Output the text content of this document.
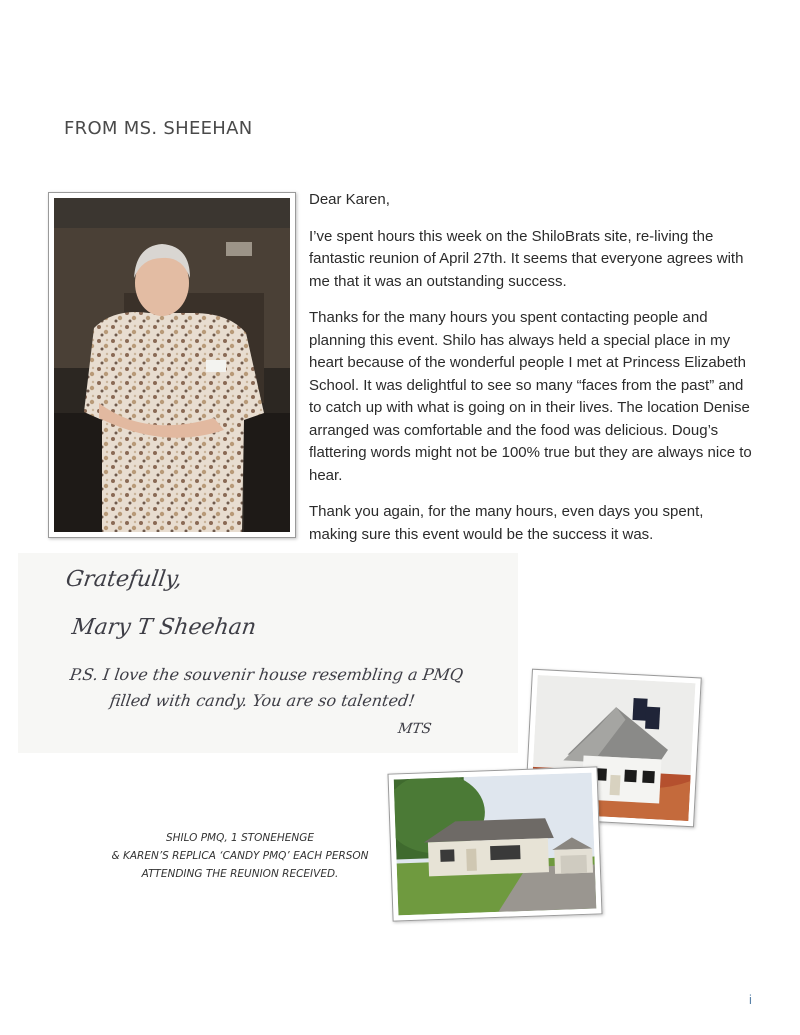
FROM MS. SHEEHAN

Dear Karen,

I’ve spent hours this week on the ShiloBrats site, re-living the fantastic reunion of April 27th. It seems that everyone agrees with me that it was an outstanding success.

Thanks for the many hours you spent contacting people and planning this event. Shilo has always held a special place in my heart because of the wonderful people I met at Princess Elizabeth School. It was delightful to see so many “faces from the past” and to catch up with what is going on in their lives. The location Denise arranged was comfortable and the food was delicious. Doug’s flattering words might not be 100% true but they are always nice to hear.

Thank you again, for the many hours, even days you spent, making sure this event would be the success it was.

Gratefully,
Mary T Sheehan
P.S. I love the souvenir house resembling a PMQ
filled with candy. You are so talented!
MTS
SHILO PMQ, 1 STONEHENGE
& KAREN’S REPLICA ‘CANDY PMQ’ EACH PERSON
ATTENDING THE REUNION RECEIVED.
i
